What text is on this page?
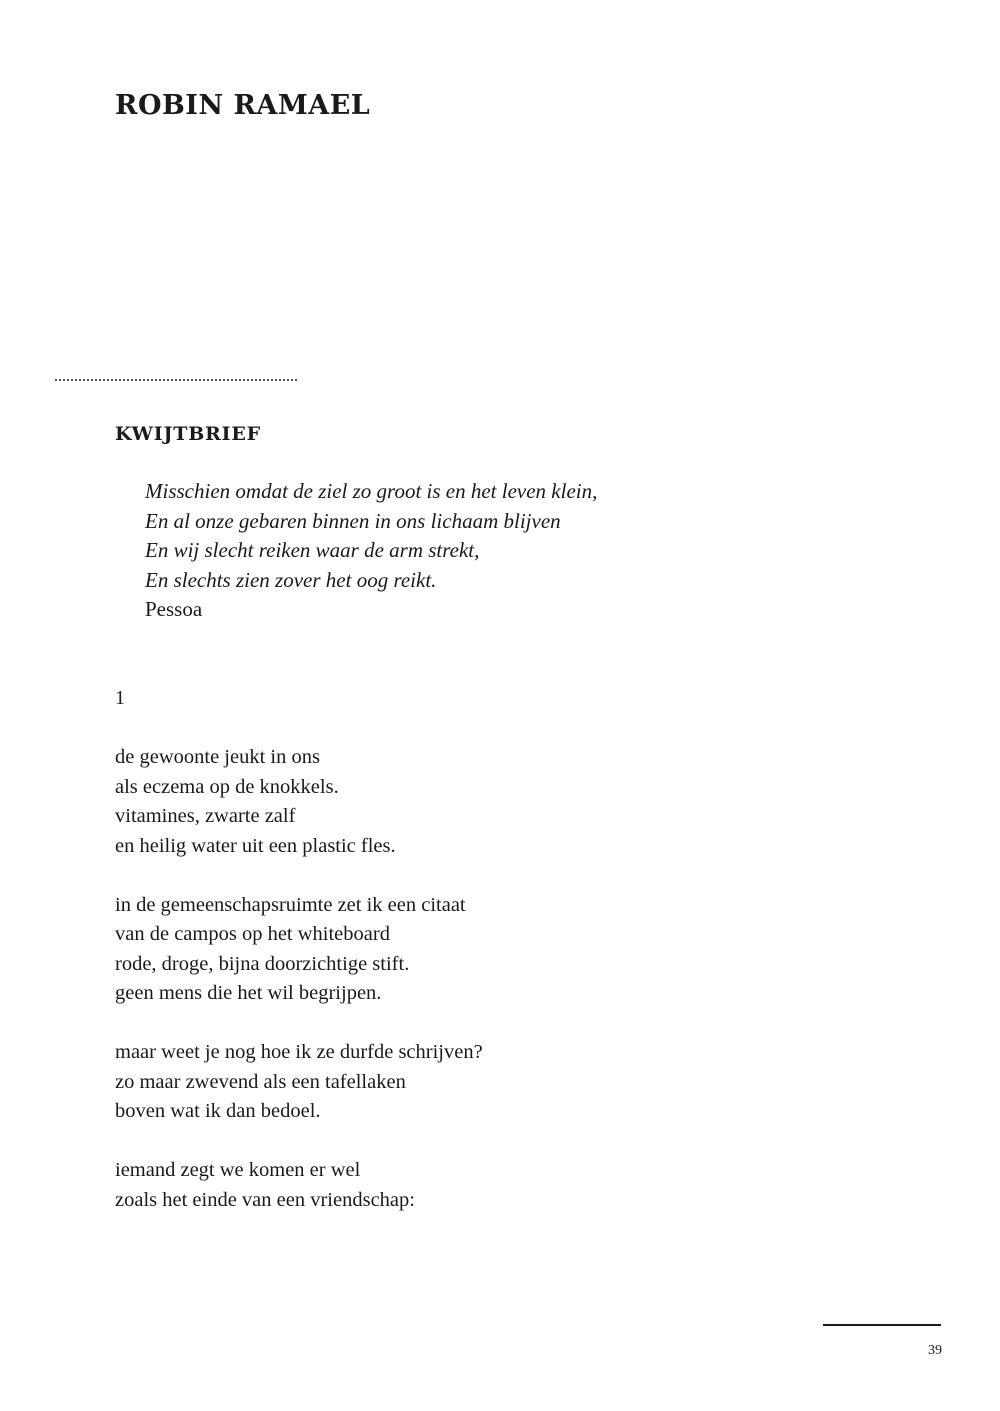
ROBIN RAMAEL
KWIJTBRIEF
Misschien omdat de ziel zo groot is en het leven klein,
En al onze gebaren binnen in ons lichaam blijven
En wij slecht reiken waar de arm strekt,
En slechts zien zover het oog reikt.
Pessoa
1
de gewoonte jeukt in ons
als eczema op de knokkels.
vitamines, zwarte zalf
en heilig water uit een plastic fles.
in de gemeenschapsruimte zet ik een citaat
van de campos op het whiteboard
rode, droge, bijna doorzichtige stift.
geen mens die het wil begrijpen.
maar weet je nog hoe ik ze durfde schrijven?
zo maar zwevend als een tafellaken
boven wat ik dan bedoel.
iemand zegt we komen er wel
zoals het einde van een vriendschap:
39
